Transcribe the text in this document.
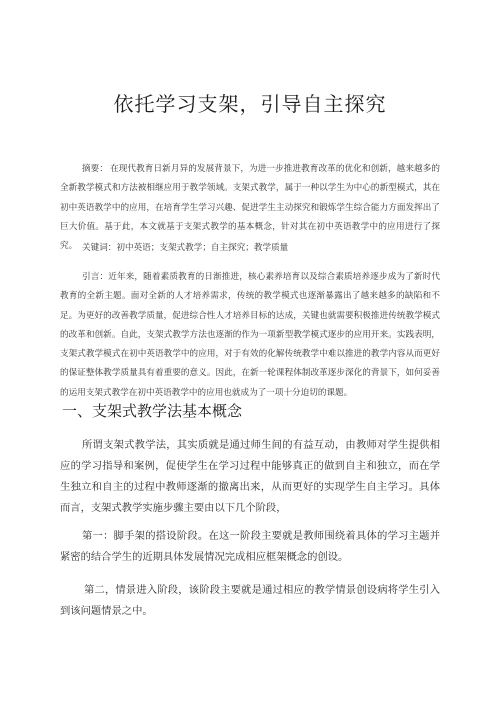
依托学习支架，引导自主探究
摘要： 在现代教育日新月异的发展背景下，为进一步推进教育改革的优化和创新，越来越多的全新教学模式和方法被相继应用于教学领域。支架式教学，属于一种以学生为中心的新型模式，其在初中英语教学中的应用，在培育学生学习兴趣、促进学生主动探究和锻炼学生综合能力方面发挥出了巨大价值。基于此，本文就基于支架式教学的基本概念，针对其在初中英语教学中的应用进行了探究。 关键词：初中英语；支架式教学；自主探究；教学质量
引言：近年来，随着素质教育的日渐推进，核心素养培育以及综合素质培养逐步成为了新时代教育的全新主题。面对全新的人才培养需求，传统的教学模式也逐渐暴露出了越来越多的缺陷和不足。为更好的改善教学质量，促进综合性人才培养目标的达成，关键也就需要积极推进传统教学模式的改革和创新。自此，支架式教学方法也逐渐的作为一项新型教学模式逐步的应用开来。实践表明，支架式教学模式在初中英语教学中的应用，对于有效的化解传统教学中难以推进的教学内容从而更好的保证整体教学质量具有着重要的意义。因此，在新一轮课程体制改革逐步深化的背景下，如何妥善的运用支架式教学在初中英语教学中的应用也就成为了一项十分迫切的课题。
一、支架式教学法基本概念
所谓支架式教学法，其实质就是通过师生间的有益互动，由教师对学生提供相应的学习指导和案例，促使学生在学习过程中能够真正的做到自主和独立，而在学生独立和自主的过程中教师逐渐的撤离出来，从而更好的实现学生自主学习。具体而言，支架式教学实施步骤主要由以下几个阶段，
第一：脚手架的搭设阶段。在这一阶段主要就是教师围绕着具体的学习主题并紧密的结合学生的近期具体发展情况完成相应框架概念的创设。
第二，情景进入阶段，该阶段主要就是通过相应的教学情景创设病将学生引入到该问题情景之中。
